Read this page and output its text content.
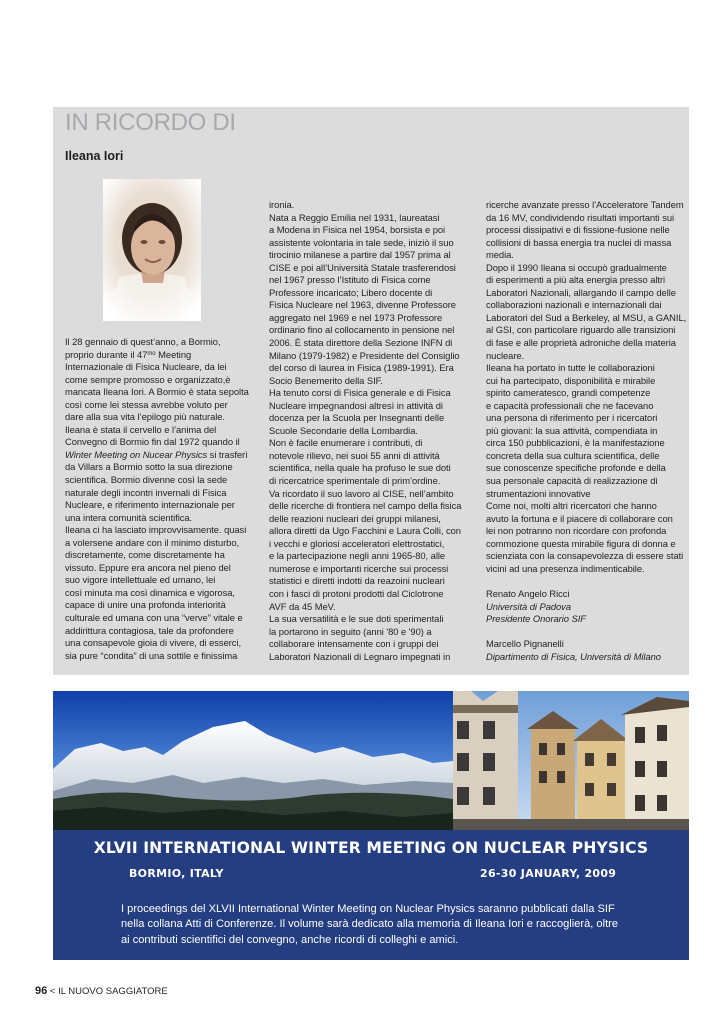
IN RICORDO DI
Ileana Iori

Il 28 gennaio di quest’anno, a Bormio,

proprio durante il $47^{mo}$ Meeting

Internazionale di Fisica Nucleare, da lei

come sempre promosso e organizzato,è

mancata Ileana Iori. A Bormio è stata sepolta

così come lei stessa avrebbe voluto per

dare alla sua vita l’epilogo più naturale.

Ileana è stata il cervello e l’anima del

Convegno di Bormio fin dal 1972 quando il

Winter Meeting on Nucear Physics si trasferì

da Villars a Bormio sotto la sua direzione

scientifica. Bormio divenne così la sede

naturale degli incontri invernali di Fisica

Nucleare, e riferimento internazionale per

una intera comunità scientifica.

Ileana ci ha lasciato improvvisamente. quasi

a volersene andare con il minimo disturbo,

discretamente, come discretamente ha

vissuto. Eppure era ancora nel pieno del

suo vigore intellettuale ed umano, lei

così minuta ma così dinamica e vigorosa,

capace di unire una profonda interiorità

culturale ed umana con una “verve” vitale e

addirittura contagiosa, tale da profondere

una consapevole gioia di vivere, di esserci,

sia pure “condita” di una sottile e finissima

ironia.

Nata a Reggio Emilia nel 1931, laureatasi

a Modena in Fisica nel 1954, borsista e poi

assistente volontaria in tale sede, iniziò il suo

tirocinio milanese a partire dal 1957 prima al

CISE e poi all’Università Statale trasferendosi

nel 1967 presso l’Istituto di Fisica come

Professore incaricato; Libero docente di

Fisica Nucleare nel 1963, divenne Professore

aggregato nel 1969 e nel 1973 Professore

ordinario fino al collocamento in pensione nel

2006. È stata direttore della Sezione INFN di

Milano (1979-1982) e Presidente del Consiglio

del corso di laurea in Fisica (1989-1991). Era

Socio Benemerito della SIF.

Ha tenuto corsi di Fisica generale e di Fisica

Nucleare impegnandosi altresì in attività di

docenza per la Scuola per Insegnanti delle

Scuole Secondarie della Lombardia.

Non è facile enumerare i contributi, di

notevole rilievo, nei suoi 55 anni di attività

scientifica, nella quale ha profuso le sue doti

di ricercatrice sperimentale di prim’ordine.

Va ricordato il suo lavoro al CISE, nell’ambito

delle ricerche di frontiera nel campo della fisica

delle reazioni nucleari dei gruppi milanesi,

allora diretti da Ugo Facchini e Laura Colli, con

i vecchi e gloriosi acceleratori elettrostatici,

e la partecipazione negli anni 1965-80, alle

numerose e importanti ricerche sui processi

statistici e diretti indotti da reazoini nucleari

con i fasci di protoni prodotti dal Ciclotrone

AVF da 45 MeV.

La sua versatilità e le sue doti sperimentali

la portarono in seguito (anni '80 e '90) a

collaborare intensamente con i gruppi dei

Laboratori Nazionali di Legnaro impegnati in

ricerche avanzate presso l’Acceleratore Tandem

da 16 MV, condividendo risultati importanti sui

processi dissipativi e di fissione-fusione nelle

collisioni di bassa energia tra nuclei di massa

media.

Dopo il 1990 Ileana si occupò gradualmente

di esperimenti a più alta energia presso altri

Laboratori Nazionali, allargando il campo delle

collaborazioni nazionali e internazionali dai

Laboratori del Sud a Berkeley, al MSU, a GANIL,

al GSI, con particolare riguardo alle transizioni

di fase e alle proprietà adroniche della materia

nucleare.

Ileana ha portato in tutte le collaborazioni

cui ha partecipato, disponibilità e mirabile

spirito cameratesco, grandi competenze

e capacità professionali che ne facevano

una persona di riferimento per i ricercatori

più giovani: la sua attività, compendiata in

circa 150 pubblicazioni, è la manifestazione

concreta della sua cultura scientifica, delle

sue conoscenze specifiche profonde e della

sua personale capacità di realizzazione di

strumentazioni innovative

Come noi, molti altri ricercatori che hanno

avuto la fortuna e il piacere di collaborare con

lei non potranno non ricordare con profonda

commozione questa mirabile figura di donna e

scienziata con la consapevolezza di essere stati

vicini ad una presenza indimenticabile.

Renato Angelo Ricci

Università di Padova

Presidente Onorario SIF

Marcello Pignanelli

Dipartimento di Fisica, Università di Milano

XLVII INTERNATIONAL WINTER MEETING ON NUCLEAR PHYSICS
BORMIO, ITALY	26-30 JANUARY, 2009

I proceedings del XLVII International Winter Meeting on Nuclear Physics saranno pubblicati dalla SIF

nella collana Atti di Conferenze. Il volume sarà dedicato alla memoria di Ileana Iori e raccoglierà, oltre

ai contributi scientifici del convegno, anche ricordi di colleghi e amici.

96 < IL NUOVO SAGGIATORE
